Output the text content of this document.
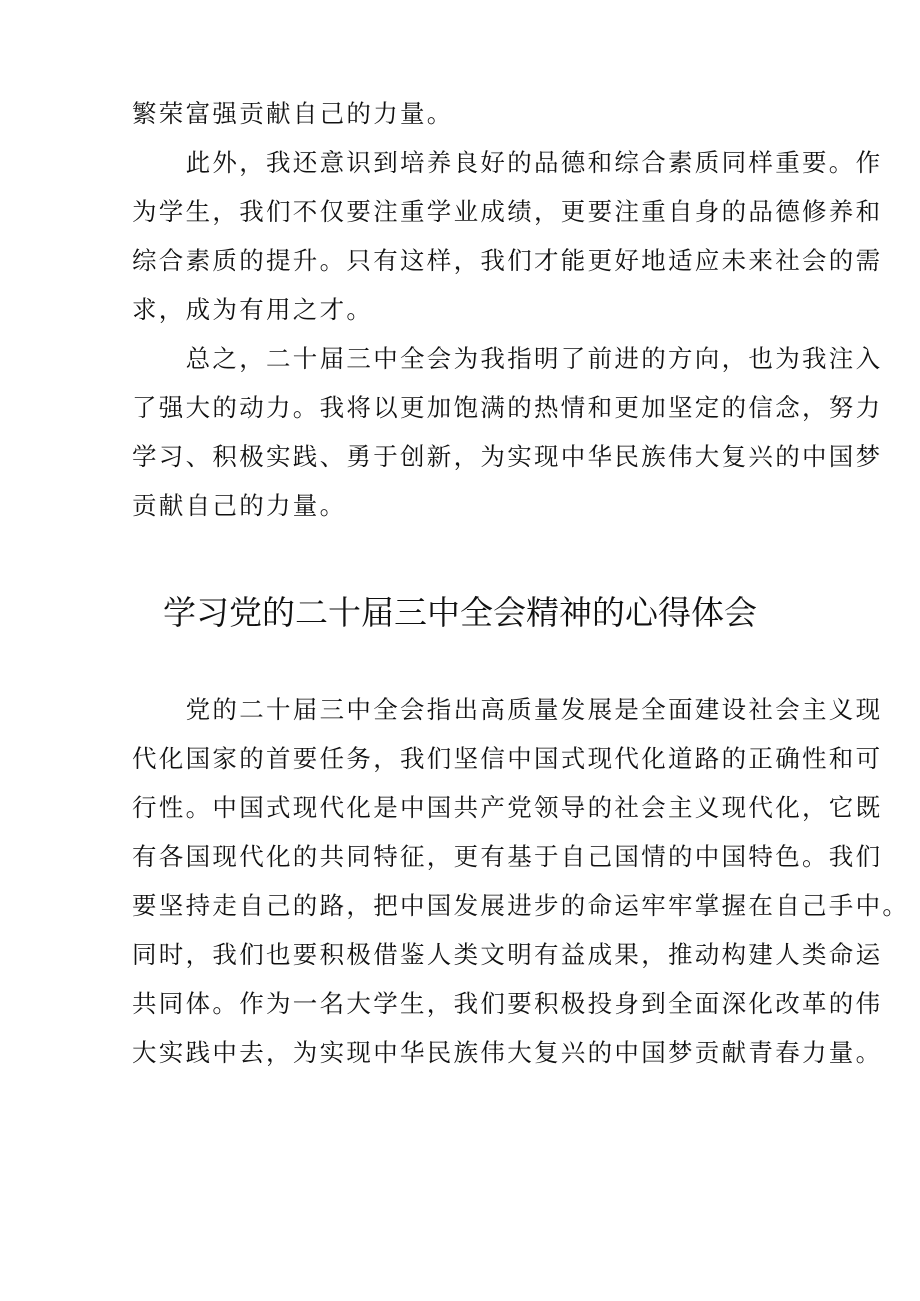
繁荣富强贡献自己的力量。
　　此外，我还意识到培养良好的品德和综合素质同样重要。作
为学生，我们不仅要注重学业成绩，更要注重自身的品德修养和
综合素质的提升。只有这样，我们才能更好地适应未来社会的需
求，成为有用之才。
　　总之，二十届三中全会为我指明了前进的方向，也为我注入
了强大的动力。我将以更加饱满的热情和更加坚定的信念，努力
学习、积极实践、勇于创新，为实现中华民族伟大复兴的中国梦
贡献自己的力量。
学习党的二十届三中全会精神的心得体会
　　党的二十届三中全会指出高质量发展是全面建设社会主义现
代化国家的首要任务，我们坚信中国式现代化道路的正确性和可
行性。中国式现代化是中国共产党领导的社会主义现代化，它既
有各国现代化的共同特征，更有基于自己国情的中国特色。我们
要坚持走自己的路，把中国发展进步的命运牢牢掌握在自己手中。
同时，我们也要积极借鉴人类文明有益成果，推动构建人类命运
共同体。作为一名大学生，我们要积极投身到全面深化改革的伟
大实践中去，为实现中华民族伟大复兴的中国梦贡献青春力量。
